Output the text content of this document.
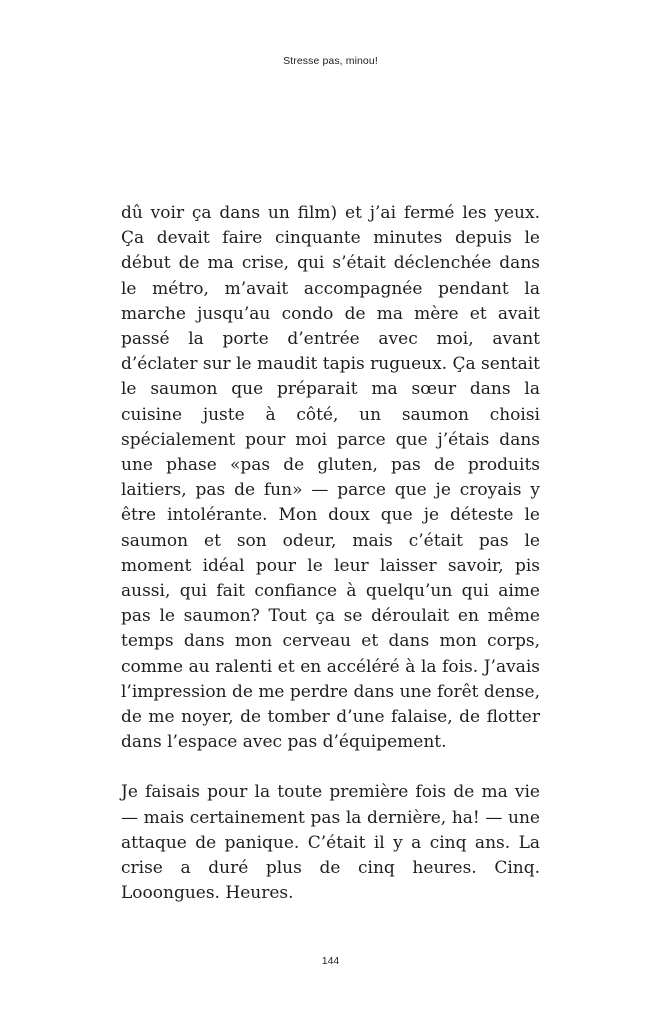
Stresse pas, minou!

dû voir ça dans un film) et j’ai fermé les yeux. Ça devait faire cinquante minutes depuis le début de ma crise, qui s’était déclenchée dans le métro, m’avait accompagnée pendant la marche jusqu’au condo de ma mère et avait passé la porte d’entrée avec moi, avant d’éclater sur le maudit tapis rugueux. Ça sentait le saumon que préparait ma sœur dans la cuisine juste à côté, un saumon choisi spécialement pour moi parce que j’étais dans une phase «pas de gluten, pas de produits laitiers, pas de fun» — parce que je croyais y être intolérante. Mon doux que je déteste le saumon et son odeur, mais c’était pas le moment idéal pour le leur laisser savoir, pis aussi, qui fait confiance à quelqu’un qui aime pas le saumon? Tout ça se déroulait en même temps dans mon cerveau et dans mon corps, comme au ralenti et en accéléré à la fois. J’avais l’impression de me perdre dans une forêt dense, de me noyer, de tomber d’une falaise, de flotter dans l’espace avec pas d’équipement.

Je faisais pour la toute première fois de ma vie — mais certainement pas la dernière, ha! — une attaque de panique. C’était il y a cinq ans. La crise a duré plus de cinq heures. Cinq. Looongues. Heures.

144
